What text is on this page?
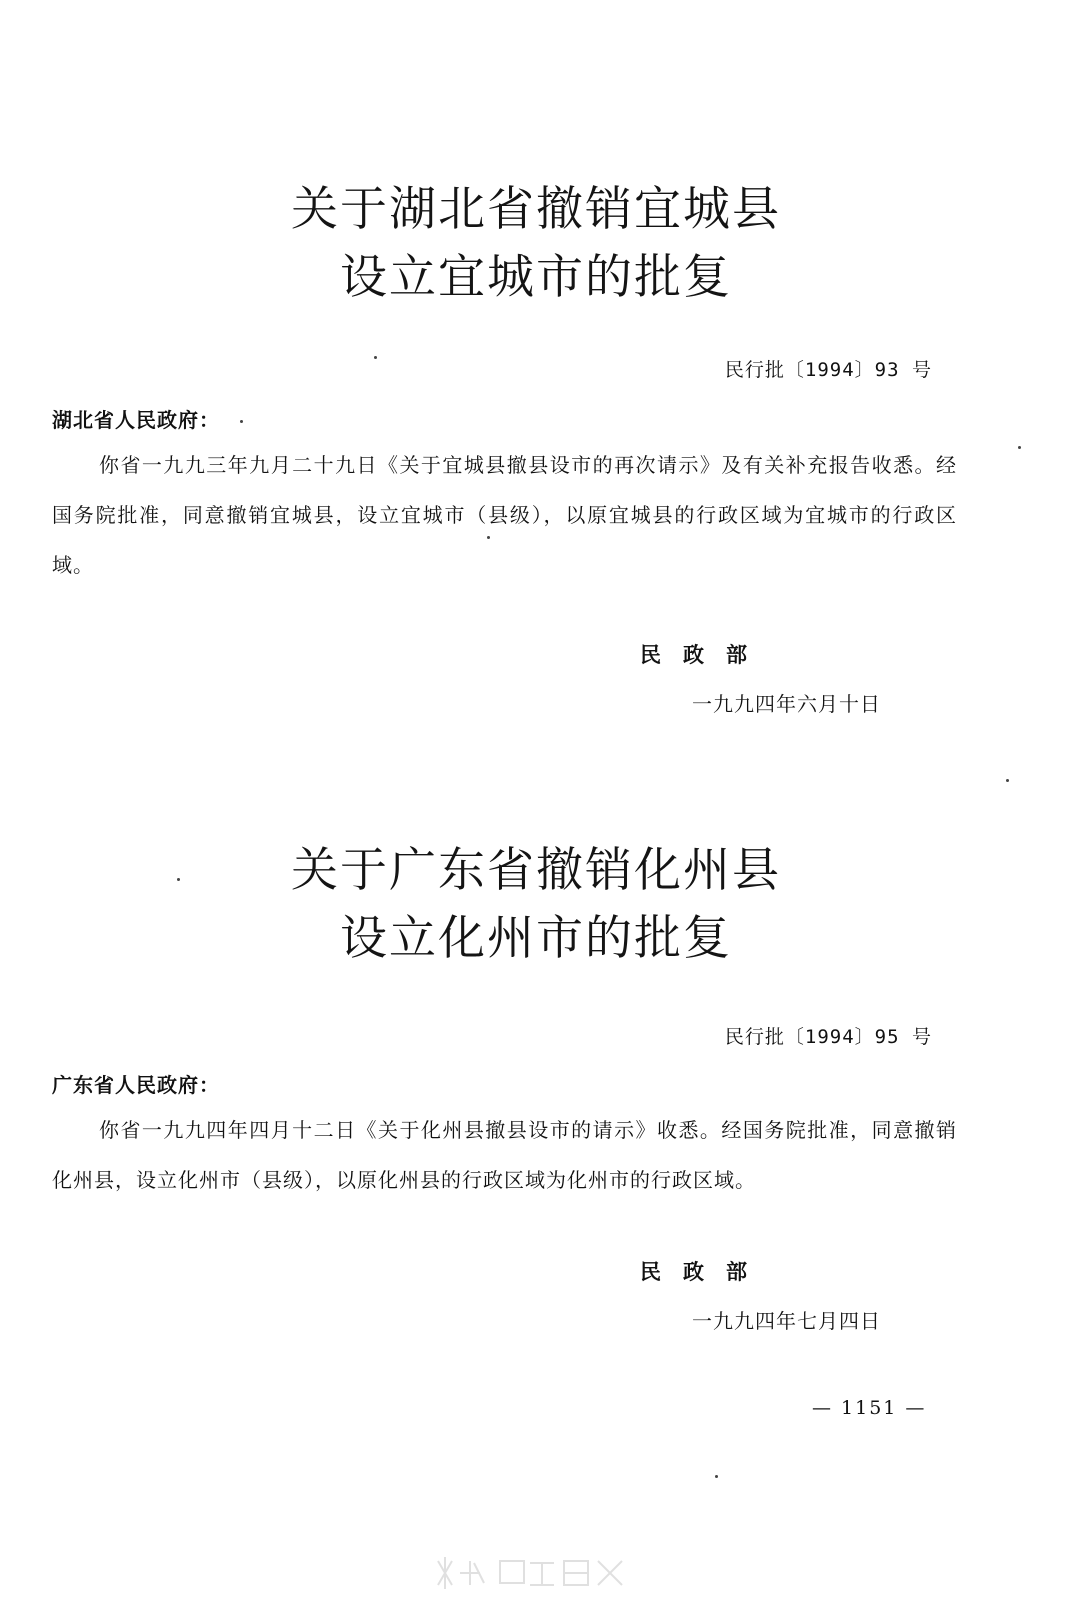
关于湖北省撤销宜城县
设立宜城市的批复
民行批〔1994〕93 号
湖北省人民政府：
你省一九九三年九月二十九日《关于宜城县撤县设市的再次请示》及有关补充报告收悉。经国务院批准，同意撤销宜城县，设立宜城市（县级），以原宜城县的行政区域为宜城市的行政区域。
民政部
一九九四年六月十日
关于广东省撤销化州县
设立化州市的批复
民行批〔1994〕95 号
广东省人民政府：
你省一九九四年四月十二日《关于化州县撤县设市的请示》收悉。经国务院批准，同意撤销化州县，设立化州市（县级），以原化州县的行政区域为化州市的行政区域。
民政部
一九九四年七月四日
— 1151 —
